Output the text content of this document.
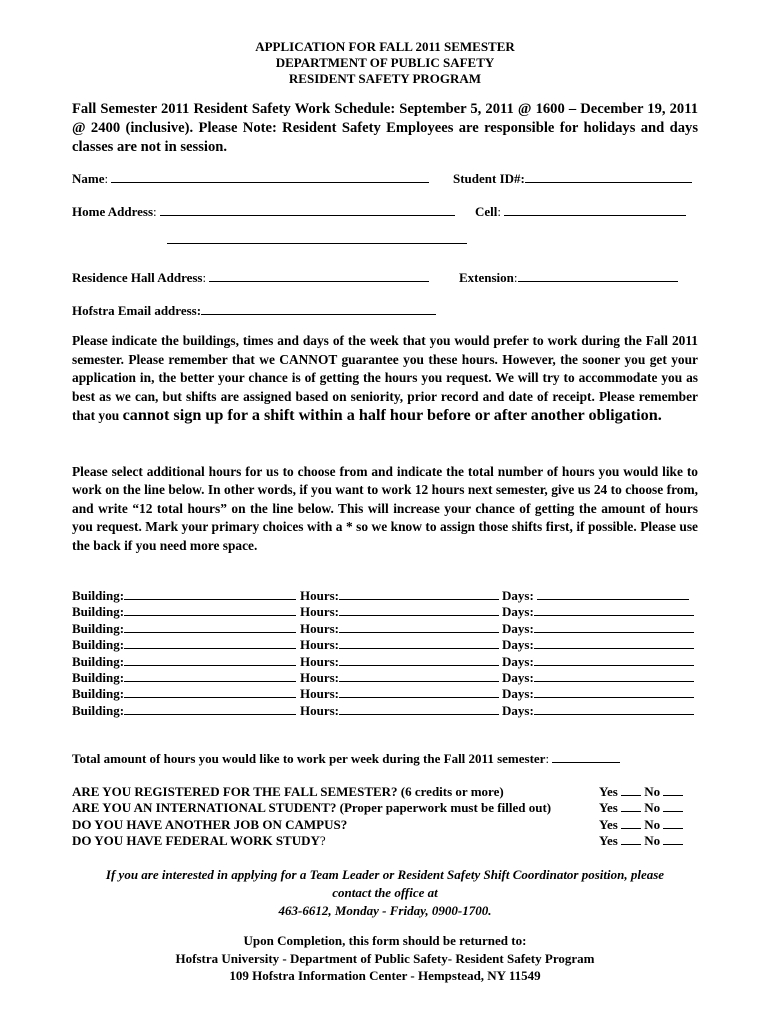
APPLICATION FOR FALL 2011 SEMESTER
DEPARTMENT OF PUBLIC SAFETY
RESIDENT SAFETY PROGRAM
Fall Semester 2011 Resident Safety Work Schedule: September 5, 2011 @ 1600 – December 19, 2011 @ 2400 (inclusive). Please Note: Resident Safety Employees are responsible for holidays and days classes are not in session.
Name:	Student ID#:
Home Address:	Cell:
Residence Hall Address:	Extension:
Hofstra Email address:
Please indicate the buildings, times and days of the week that you would prefer to work during the Fall 2011 semester. Please remember that we CANNOT guarantee you these hours. However, the sooner you get your application in, the better your chance is of getting the hours you request. We will try to accommodate you as best as we can, but shifts are assigned based on seniority, prior record and date of receipt. Please remember that you cannot sign up for a shift within a half hour before or after another obligation.
Please select additional hours for us to choose from and indicate the total number of hours you would like to work on the line below. In other words, if you want to work 12 hours next semester, give us 24 to choose from, and write “12 total hours” on the line below. This will increase your chance of getting the amount of hours you request. Mark your primary choices with a * so we know to assign those shifts first, if possible. Please use the back if you need more space.
Building:	Hours:	Days:
Building:	Hours:	Days:
Building:	Hours:	Days:
Building:	Hours:	Days:
Building:	Hours:	Days:
Building:	Hours:	Days:
Building:	Hours:	Days:
Building:	Hours:	Days:
Total amount of hours you would like to work per week during the Fall 2011 semester:
ARE YOU REGISTERED FOR THE FALL SEMESTER? (6 credits or more)	Yes No
ARE YOU AN INTERNATIONAL STUDENT? (Proper paperwork must be filled out)	Yes No
DO YOU HAVE ANOTHER JOB ON CAMPUS?	Yes No
DO YOU HAVE FEDERAL WORK STUDY?	Yes No
If you are interested in applying for a Team Leader or Resident Safety Shift Coordinator position, please
contact the office at
463-6612, Monday - Friday, 0900-1700.
Upon Completion, this form should be returned to:
Hofstra University - Department of Public Safety- Resident Safety Program
109 Hofstra Information Center - Hempstead, NY 11549
